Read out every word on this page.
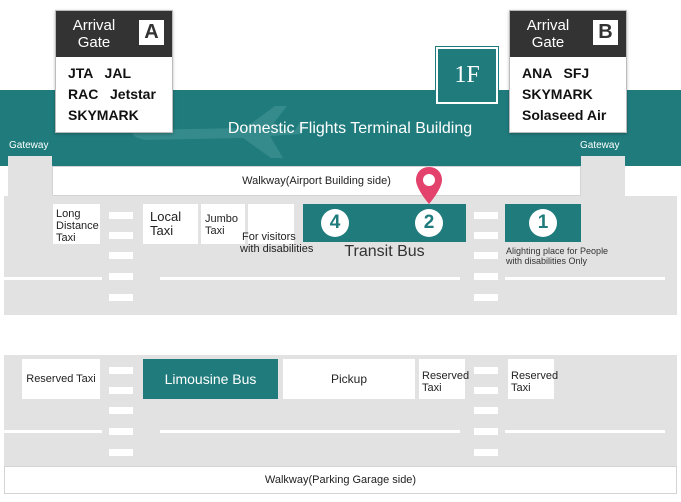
Domestic Flights Terminal Building
Gateway	Gateway
1F
Walkway(Airport Building side)
Long
Distance
Taxi
Local
Taxi
Jumbo
Taxi	For visitors
with disabilities
4	2
Transit Bus
1
Alighting place for People
with disabilities Only
Reserved Taxi	Limousine Bus	Pickup	Reserved
Taxi
Reserved
Taxi
Walkway(Parking Garage side)
Arrival
Gate	A
JTA   JAL
RAC   Jetstar
SKYMARK
Arrival
Gate	B
ANA   SFJ
SKYMARK
Solaseed Air
